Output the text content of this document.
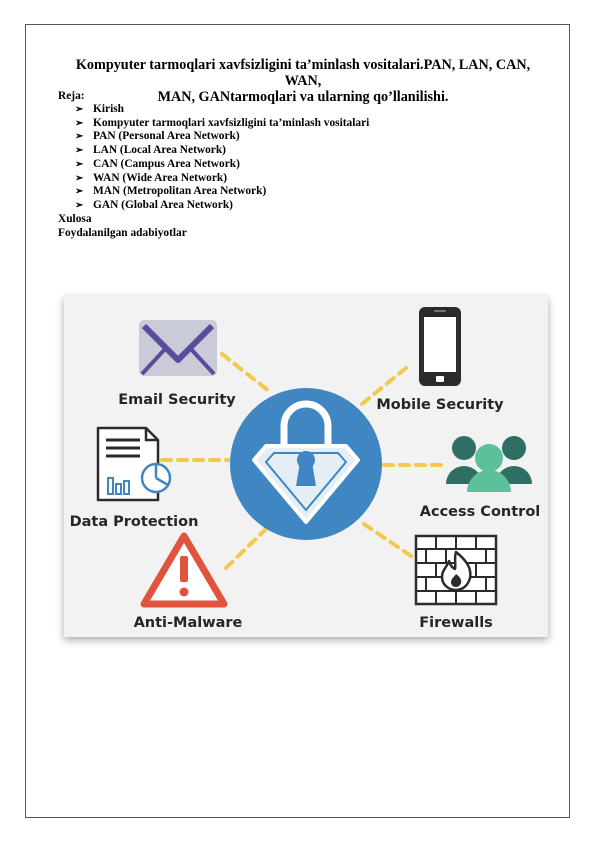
Kompyuter tarmoqlari xavfsizligini ta’minlash vositalari.PAN, LAN, CAN, WAN,
MAN, GANtarmoqlari va ularning qo’llanilishi.
Reja:
➢ Kirish
➢ Kompyuter tarmoqlari xavfsizligini ta’minlash vositalari
➢ PAN (Personal Area Network)
➢ LAN (Local Area Network)
➢ CAN (Campus Area Network)
➢ WAN (Wide Area Network)
➢ MAN (Metropolitan Area Network)
➢ GAN (Global Area Network)
Xulosa
Foydalanilgan adabiyotlar
Email Security	Mobile Security
Data Protection
Access Control
Anti-Malware	Firewalls
